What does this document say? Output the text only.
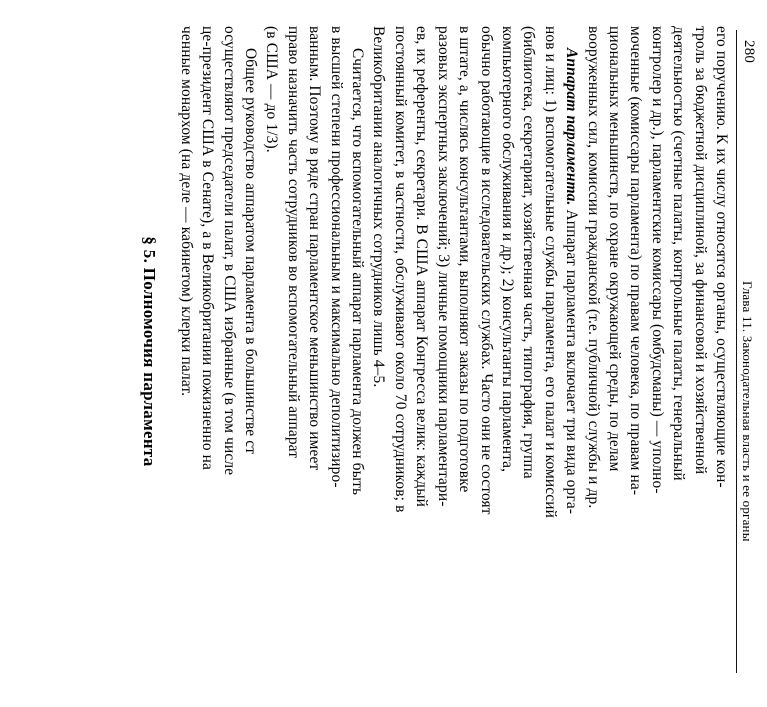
280
Глава 11. Законодательная власть и ее органы

его поручению. К их числу относятся органы, осуществляющие кон-
троль за бюджетной дисциплиной, за финансовой и хозяйственной
деятельностью (счетные палаты, контрольные палаты, генеральный
контролер и др.), парламентские комиссары (омбудсманы) — уполно-
моченные (комиссары парламента) по правам человека, по правам на-
циональных меньшинств, по охране окружающей среды, по делам
вооруженных сил, комиссии гражданской (т.е. публичной) службы и др.

Аппарат парламента. Аппарат парламента включает три вида орга-
нов и лиц: 1) вспомогательные службы парламента, его палат и комиссий
(библиотека, секретариат, хозяйственная часть, типография, группа
компьютерного обслуживания и др.); 2) консультанты парламента,
обычно работающие в исследовательских службах. Часто они не состоят
в штате, а, числясь консультантами, выполняют заказы по подготовке
разовых экспертных заключений; 3) личные помощники парламентари-
ев, их референты, секретари. В США аппарат Конгресса велик: каждый
постоянный комитет, в частности, обслуживают около 70 сотрудников; в
Великобритании аналогичных сотрудников лишь 4–5.

Считается, что вспомогательный аппарат парламента должен быть
в высшей степени профессиональным и максимально деполитизиро-
ванным. Поэтому в ряде стран парламентское меньшинство имеет
право назначить часть сотрудников во вспомогательный аппарат
(в США — до 1/3).

Общее руководство аппаратом парламента в большинстве ст
осуществляют председатели палат, в США избранные (в том числе
це-президент США в Сенате), а в Великобритании пожизненно на
ченные монархом (на деле — кабинетом) клерки палат.

§ 5. Полномочия парламента
